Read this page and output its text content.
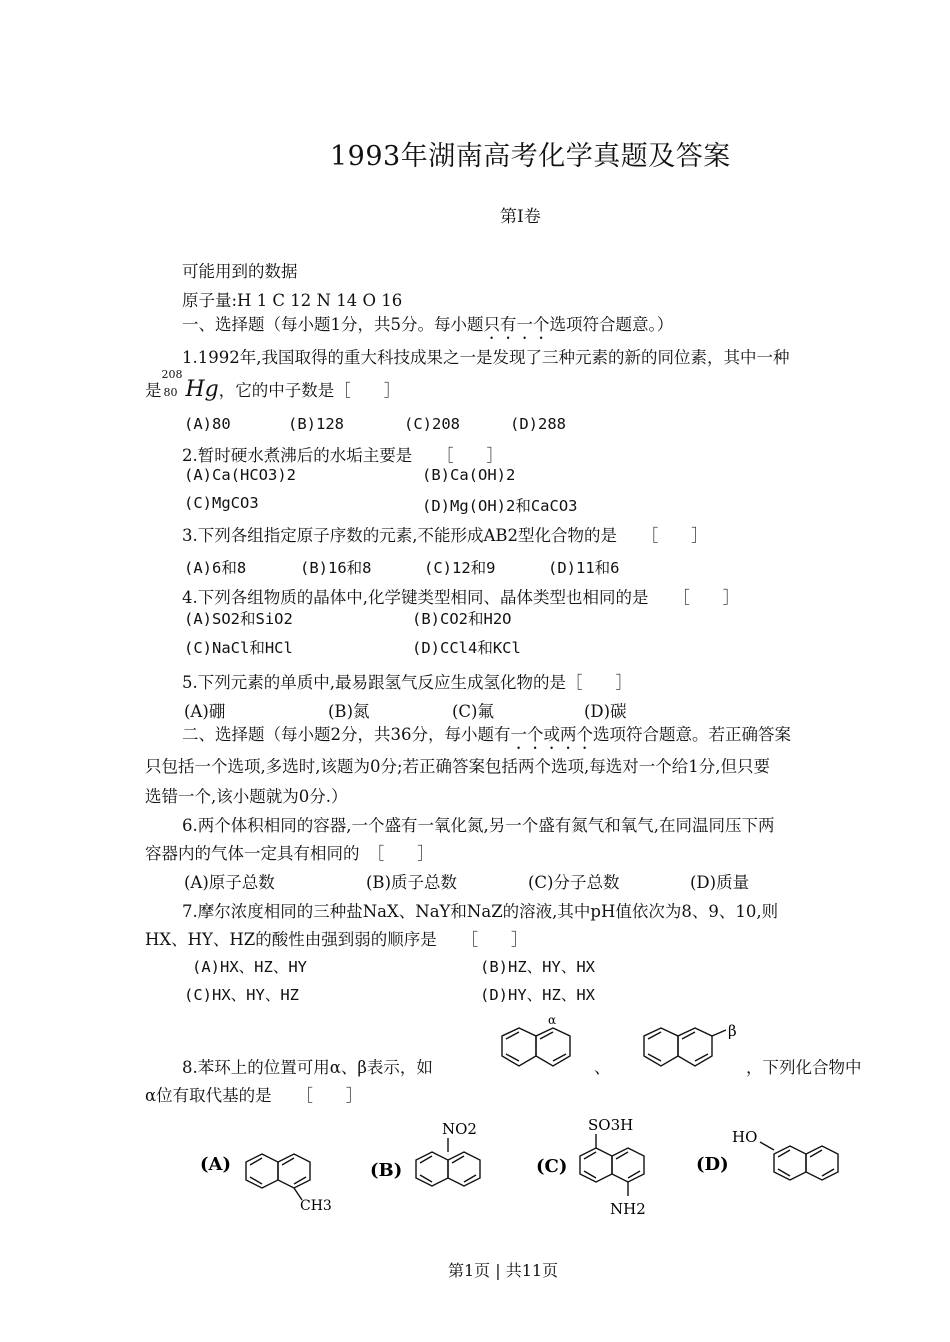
1993年湖南高考化学真题及答案
第Ⅰ卷
可能用到的数据
原子量:H 1 C 12 N 14 O 16
一、选择题（每小题1分，共5分。每小题只有一个选项符合题意。）
1.1992年,我国取得的重大科技成果之一是发现了三种元素的新的同位素，其中一种
是
208
80 Hg，它的中子数是［　　］
(A)80	(B)128	(C)208	(D)288
2.暂时硬水煮沸后的水垢主要是　　［　　］
(A)Ca(HCO3)2	(B)Ca(OH)2
(C)MgCO3	(D)Mg(OH)2和CaCO3
3.下列各组指定原子序数的元素,不能形成AB2型化合物的是　　［　　］
(A)6和8	(B)16和8	(C)12和9	(D)11和6
4.下列各组物质的晶体中,化学键类型相同、晶体类型也相同的是　　［　　］
(A)SO2和SiO2	(B)CO2和H2O
(C)NaCl和HCl	(D)CCl4和KCl
5.下列元素的单质中,最易跟氢气反应生成氢化物的是［　　］
(A)硼	(B)氮	(C)氟	(D)碳
二、选择题（每小题2分，共36分，每小题有一个或两个选项符合题意。若正确答案
只包括一个选项,多选时,该题为0分;若正确答案包括两个选项,每选对一个给1分,但只要
选错一个,该小题就为0分.）
6.两个体积相同的容器,一个盛有一氧化氮,另一个盛有氮气和氧气,在同温同压下两
容器内的气体一定具有相同的　［　　］
(A)原子总数	(B)质子总数	(C)分子总数	(D)质量
7.摩尔浓度相同的三种盐NaX、NaY和NaZ的溶液,其中pH值依次为8、9、10,则
HX、HY、HZ的酸性由强到弱的顺序是　　［　　］
(A)HX、HZ、HY	(B)HZ、HY、HX
(C)HX、HY、HZ	(D)HY、HZ、HX
8.苯环上的位置可用α、β表示，如	、	，下列化合物中
α位有取代基的是　　［　　］
α
β
(A)
CH3
(B)
NO2
(C)
SO3H
NH2
(D)
HO
第1页 | 共11页
